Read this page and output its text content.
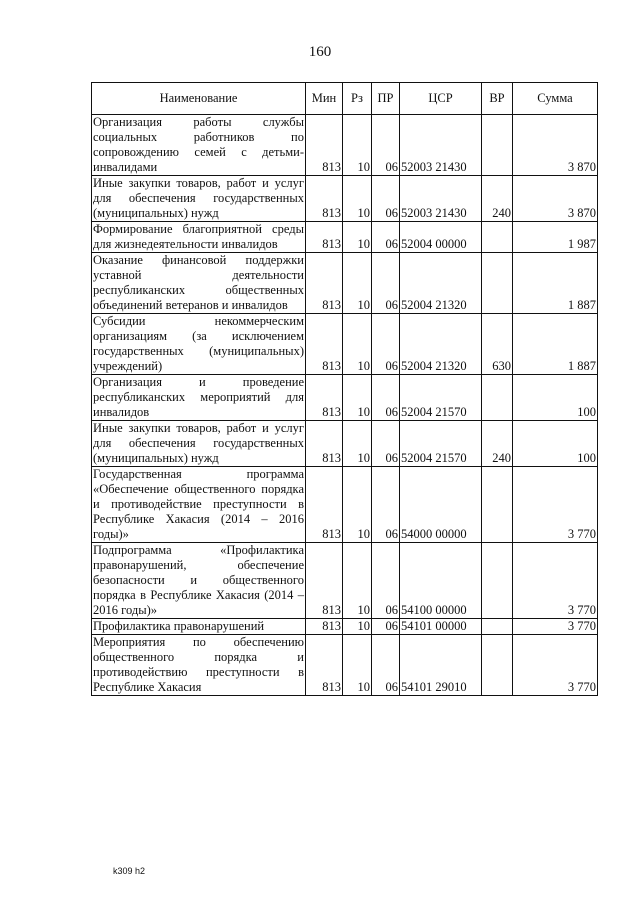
160
Наименование	Мин	Рз	ПР	ЦСР	ВР	Сумма
Организация работы службы социальных работников по сопровождению семей с детьми-инвалидами	813	10	06	52003 21430		3 870
Иные закупки товаров, работ и услуг для обеспечения государственных (муниципальных) нужд	813	10	06	52003 21430	240	3 870
Формирование благоприятной среды для жизнедеятельности инвалидов	813	10	06	52004 00000		1 987
Оказание финансовой поддержки уставной деятельности республиканских общественных объединений ветеранов и инвалидов	813	10	06	52004 21320		1 887
Субсидии некоммерческим организациям (за исключением государственных (муниципальных) учреждений)	813	10	06	52004 21320	630	1 887
Организация и проведение республиканских мероприятий для инвалидов	813	10	06	52004 21570		100
Иные закупки товаров, работ и услуг для обеспечения государственных (муниципальных) нужд	813	10	06	52004 21570	240	100
Государственная программа «Обеспечение общественного порядка и противодействие преступности в Республике Хакасия (2014 – 2016 годы)»	813	10	06	54000 00000		3 770
Подпрограмма «Профилактика правонарушений, обеспечение безопасности и общественного порядка в Республике Хакасия (2014 – 2016 годы)»	813	10	06	54100 00000		3 770
Профилактика правонарушений	813	10	06	54101 00000		3 770
Мероприятия по обеспечению общественного порядка и противодействию преступности в Республике Хакасия	813	10	06	54101 29010		3 770
k309 h2
